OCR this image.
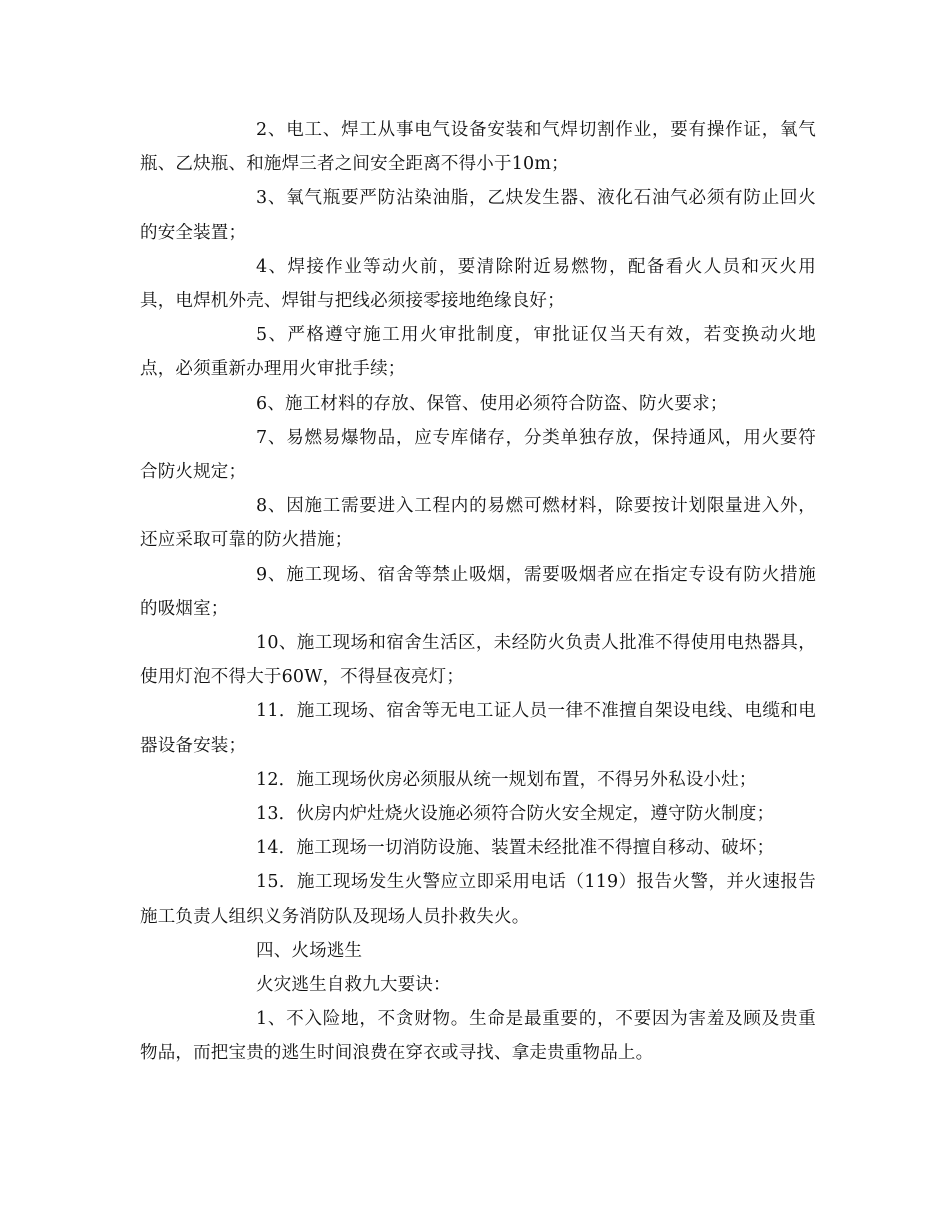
2、电工、焊工从事电气设备安装和气焊切割作业，要有操作证，氧气瓶、乙炔瓶、和施焊三者之间安全距离不得小于10m；

3、氧气瓶要严防沾染油脂，乙炔发生器、液化石油气必须有防止回火的安全装置；

4、焊接作业等动火前，要清除附近易燃物，配备看火人员和灭火用具，电焊机外壳、焊钳与把线必须接零接地绝缘良好；

5、严格遵守施工用火审批制度，审批证仅当天有效，若变换动火地点，必须重新办理用火审批手续；

6、施工材料的存放、保管、使用必须符合防盗、防火要求；

7、易燃易爆物品，应专库储存，分类单独存放，保持通风，用火要符合防火规定；

8、因施工需要进入工程内的易燃可燃材料，除要按计划限量进入外，还应采取可靠的防火措施；

9、施工现场、宿舍等禁止吸烟，需要吸烟者应在指定专设有防火措施的吸烟室；

10、施工现场和宿舍生活区，未经防火负责人批准不得使用电热器具，使用灯泡不得大于60W，不得昼夜亮灯；

11．施工现场、宿舍等无电工证人员一律不准擅自架设电线、电缆和电器设备安装；

12．施工现场伙房必须服从统一规划布置，不得另外私设小灶；

13．伙房内炉灶烧火设施必须符合防火安全规定，遵守防火制度；

14．施工现场一切消防设施、装置未经批准不得擅自移动、破坏；

15．施工现场发生火警应立即采用电话（119）报告火警，并火速报告施工负责人组织义务消防队及现场人员扑救失火。

四、火场逃生

火灾逃生自救九大要诀：

1、不入险地，不贪财物。生命是最重要的，不要因为害羞及顾及贵重物品，而把宝贵的逃生时间浪费在穿衣或寻找、拿走贵重物品上。
